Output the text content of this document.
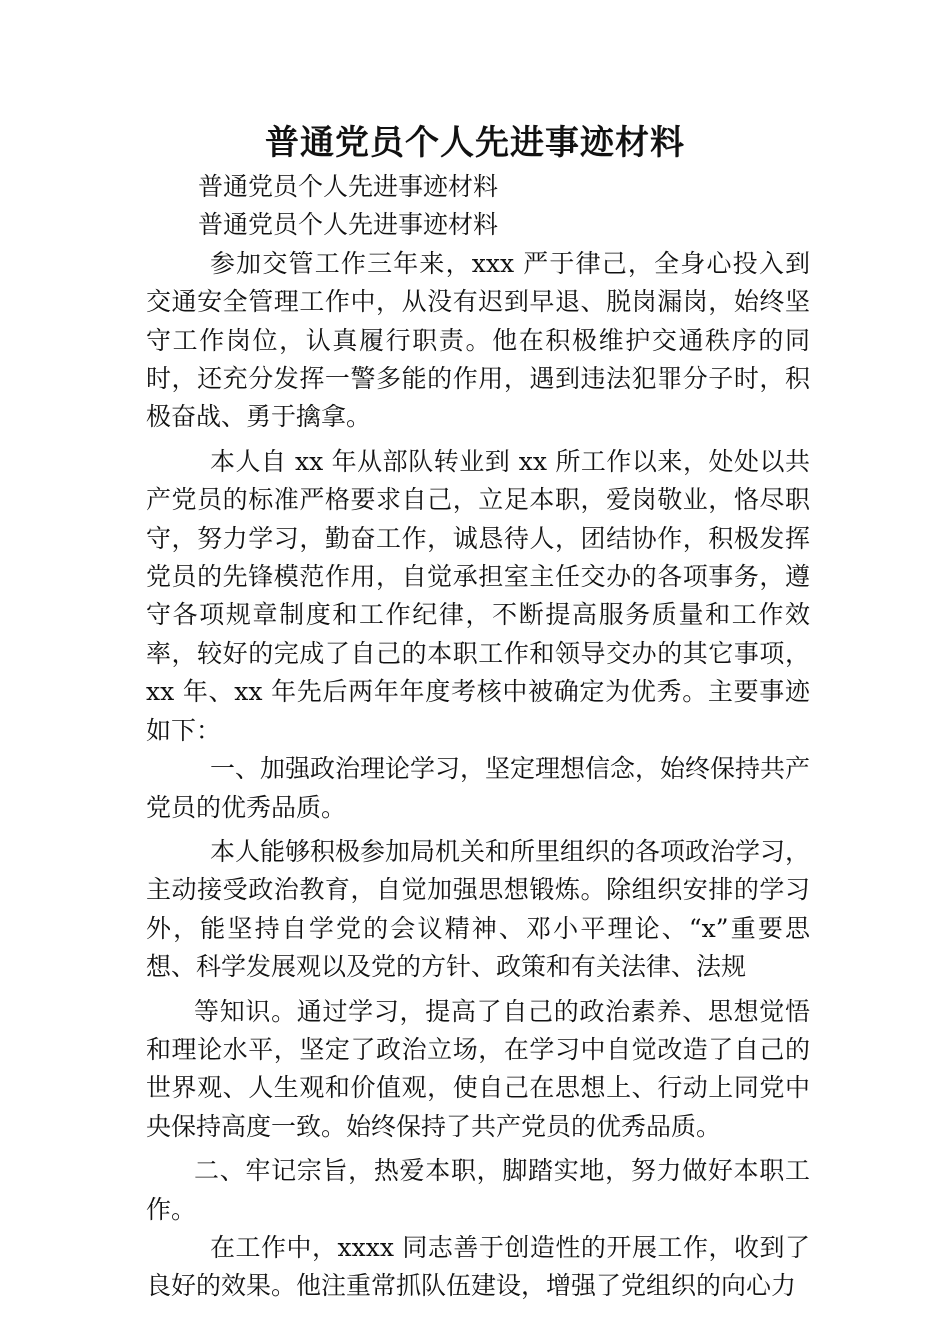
普通党员个人先进事迹材料

普通党员个人先进事迹材料

普通党员个人先进事迹材料

参加交管工作三年来，xxx 严于律己，全身心投入到交通安全管理工作中，从没有迟到早退、脱岗漏岗，始终坚守工作岗位，认真履行职责。他在积极维护交通秩序的同时，还充分发挥一警多能的作用，遇到违法犯罪分子时，积极奋战、勇于擒拿。

本人自 xx 年从部队转业到 xx 所工作以来，处处以共产党员的标准严格要求自己，立足本职，爱岗敬业，恪尽职守，努力学习，勤奋工作，诚恳待人，团结协作，积极发挥党员的先锋模范作用，自觉承担室主任交办的各项事务，遵守各项规章制度和工作纪律，不断提高服务质量和工作效率，较好的完成了自己的本职工作和领导交办的其它事项，xx 年、xx 年先后两年年度考核中被确定为优秀。主要事迹如下：

一、加强政治理论学习，坚定理想信念，始终保持共产党员的优秀品质。

本人能够积极参加局机关和所里组织的各项政治学习，主动接受政治教育，自觉加强思想锻炼。除组织安排的学习外，能坚持自学党的会议精神、邓小平理论、“x”重要思想、科学发展观以及党的方针、政策和有关法律、法规

等知识。通过学习，提高了自己的政治素养、思想觉悟和理论水平，坚定了政治立场，在学习中自觉改造了自己的世界观、人生观和价值观，使自己在思想上、行动上同党中央保持高度一致。始终保持了共产党员的优秀品质。

二、牢记宗旨，热爱本职，脚踏实地，努力做好本职工作。

在工作中，xxxx 同志善于创造性的开展工作，收到了良好的效果。他注重常抓队伍建设，增强了党组织的向心力
